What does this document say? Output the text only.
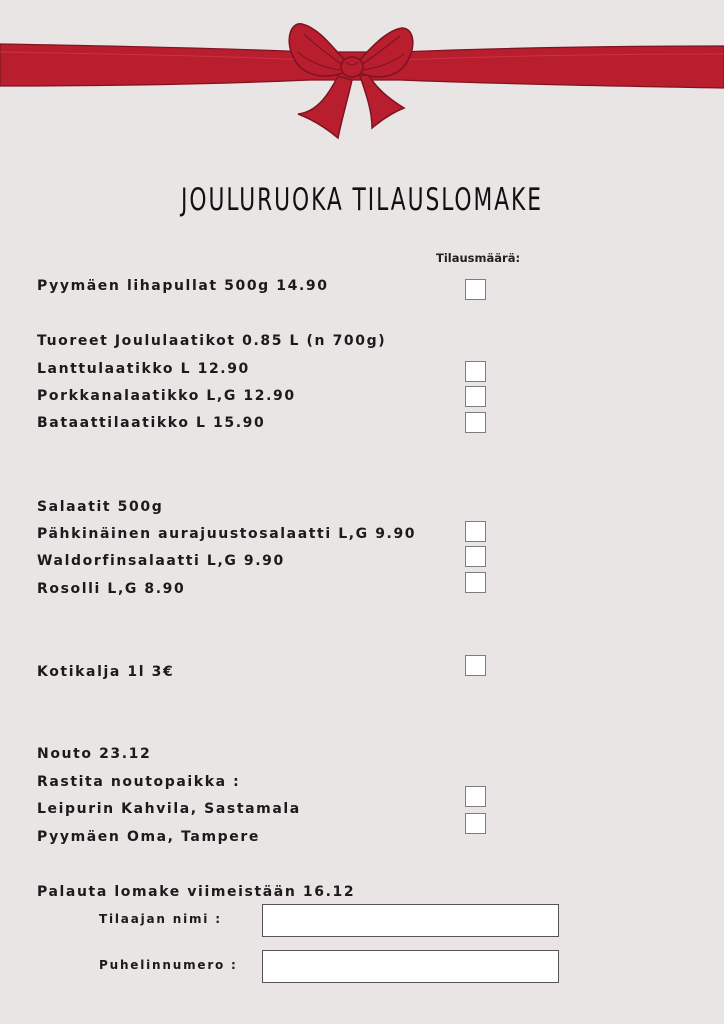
JOULURUOKA TILAUSLOMAKE
Tilausmäärä:
Pyymäen lihapullat 500g 14.90
Tuoreet Joululaatikot 0.85 L (n 700g)
Lanttulaatikko L 12.90
Porkkanalaatikko L,G 12.90
Bataattilaatikko L 15.90
Salaatit 500g
Pähkinäinen aurajuustosalaatti L,G 9.90
Waldorfinsalaatti L,G 9.90
Rosolli L,G 8.90
Kotikalja 1l 3€
Nouto 23.12
Rastita noutopaikka :
Leipurin Kahvila, Sastamala
Pyymäen Oma, Tampere
Palauta lomake viimeistään 16.12
Tilaajan nimi :
Puhelinnumero :
